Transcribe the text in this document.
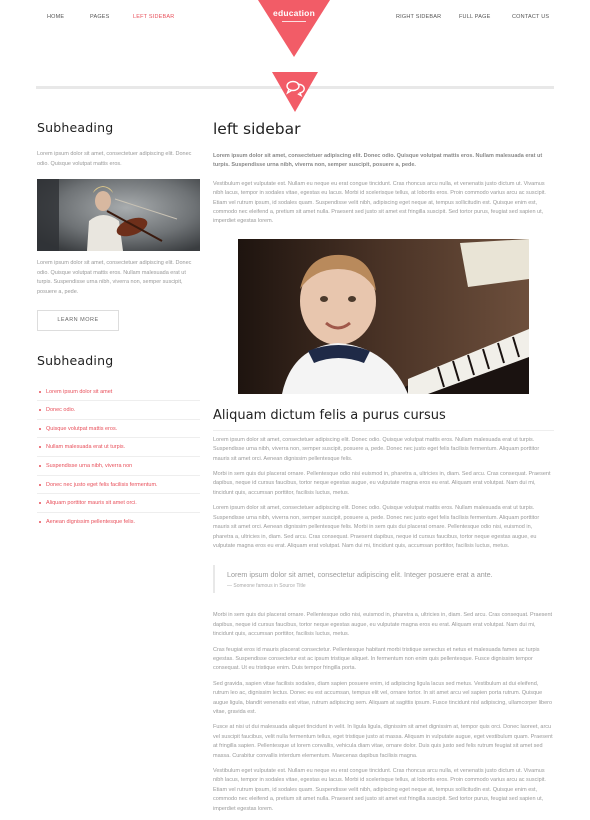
HOME	PAGES	LEFT SIDEBAR	RIGHT SIDEBAR	FULL PAGE	CONTACT US
education
Subheading

Lorem ipsum dolor sit amet, consectetuer adipiscing elit. Donec odio. Quisque volutpat mattis eros.

Lorem ipsum dolor sit amet, consectetuer adipiscing elit. Donec odio. Quisque volutpat mattis eros. Nullam malesuada erat ut turpis. Suspendisse urna nibh, viverra non, semper suscipit, posuere a, pede.

LEARN MORE
Subheading
Lorem ipsum dolor sit amet
Donec odio.
Quisque volutpat mattis eros.
Nullam malesuada erat ut turpis.
Suspendisse urna nibh, viverra non
Donec nec justo eget felis facilisis fermentum.
Aliquam porttitor mauris sit amet orci.
Aenean dignissim pellentesque felis.
left sidebar

Lorem ipsum dolor sit amet, consectetuer adipiscing elit. Donec odio. Quisque volutpat mattis eros. Nullam malesuada erat ut turpis. Suspendisse urna nibh, viverra non, semper suscipit, posuere a, pede.

Vestibulum eget vulputate est. Nullam eu neque eu erat congue tincidunt. Cras rhoncus arcu nulla, et venenatis justo dictum ut. Vivamus nibh lacus, tempor in sodales vitae, egestas eu lacus. Morbi id scelerisque tellus, at lobortis eros. Proin commodo varius arcu ac suscipit. Etiam vel rutrum ipsum, id sodales quam. Suspendisse velit nibh, adipiscing eget neque at, tempus sollicitudin est. Quisque enim est, commodo nec eleifend a, pretium sit amet nulla. Praesent sed justo sit amet est fringilla suscipit. Sed tortor purus, feugiat sed sapien ut, imperdiet egestas lorem.

Aliquam dictum felis a purus cursus

Lorem ipsum dolor sit amet, consectetuer adipiscing elit. Donec odio. Quisque volutpat mattis eros. Nullam malesuada erat ut turpis. Suspendisse urna nibh, viverra non, semper suscipit, posuere a, pede. Donec nec justo eget felis facilisis fermentum. Aliquam porttitor mauris sit amet orci. Aenean dignissim pellentesque felis.

Morbi in sem quis dui placerat ornare. Pellentesque odio nisi euismod in, pharetra a, ultricies in, diam. Sed arcu. Cras consequat. Praesent dapibus, neque id cursus faucibus, tortor neque egestas augue, eu vulputate magna eros eu erat. Aliquam erat volutpat. Nam dui mi, tincidunt quis, accumsan porttitor, facilisis luctus, metus.

Lorem ipsum dolor sit amet, consectetuer adipiscing elit. Donec odio. Quisque volutpat mattis eros. Nullam malesuada erat ut turpis. Suspendisse urna nibh, viverra non, semper suscipit, posuere a, pede. Donec nec justo eget felis facilisis fermentum. Aliquam porttitor mauris sit amet orci. Aenean dignissim pellentesque felis. Morbi in sem quis dui placerat ornare. Pellentesque odio nisi, euismod in, pharetra a, ultricies in, diam. Sed arcu. Cras consequat. Praesent dapibus, neque id cursus faucibus, tortor neque egestas augue, eu vulputate magna eros eu erat. Aliquam erat volutpat. Nam dui mi, tincidunt quis, accumsan porttitor, facilisis luctus, metus.

Lorem ipsum dolor sit amet, consectetur adipiscing elit. Integer posuere erat a ante.

— Someone famous in Source Title

Morbi in sem quis dui placerat ornare. Pellentesque odio nisi, euismod in, pharetra a, ultricies in, diam. Sed arcu. Cras consequat. Praesent dapibus, neque id cursus faucibus, tortor neque egestas augue, eu vulputate magna eros eu erat. Aliquam erat volutpat. Nam dui mi, tincidunt quis, accumsan porttitor, facilisis luctus, metus.

Cras feugiat eros id mauris placerat consectetur. Pellentesque habitant morbi tristique senectus et netus et malesuada fames ac turpis egestas. Suspendisse consectetur est ac ipsum tristique aliquet. In fermentum non enim quis pellentesque. Fusce dignissim tempor consequat. Ut eu tristique enim. Duis tempor fringilla porta.

Sed gravida, sapien vitae facilisis sodales, diam sapien posuere enim, id adipiscing ligula lacus sed metus. Vestibulum at dui eleifend, rutrum leo ac, dignissim lectus. Donec eu est accumsan, tempus elit vel, ornare tortor. In sit amet arcu vel sapien porta rutrum. Quisque augue ligula, blandit venenatis est vitae, rutrum adipiscing sem. Aliquam at sagittis ipsum. Fusce tincidunt nisl adipiscing, ullamcorper libero vitae, gravida est.

Fusce at nisi ut dui malesuada aliquet tincidunt in velit. In ligula ligula, dignissim sit amet dignissim at, tempor quis orci. Donec laoreet, arcu vel suscipit faucibus, velit nulla fermentum tellus, eget tristique justo at massa. Aliquam in vulputate augue, eget vestibulum quam. Praesent at fringilla sapien. Pellentesque ut lorem convallis, vehicula diam vitae, ornare dolor. Duis quis justo sed felis rutrum feugiat sit amet sed massa. Curabitur convallis interdum elementum. Maecenas dapibus facilisis magna.

Vestibulum eget vulputate est. Nullam eu neque eu erat congue tincidunt. Cras rhoncus arcu nulla, et venenatis justo dictum ut. Vivamus nibh lacus, tempor in sodales vitae, egestas eu lacus. Morbi id scelerisque tellus, at lobortis eros. Proin commodo varius arcu ac suscipit. Etiam vel rutrum ipsum, id sodales quam. Suspendisse velit nibh, adipiscing eget neque at, tempus sollicitudin est. Quisque enim est, commodo nec eleifend a, pretium sit amet nulla. Praesent sed justo sit amet est fringilla suscipit. Sed tortor purus, feugiat sed sapien ut, imperdiet egestas lorem.
